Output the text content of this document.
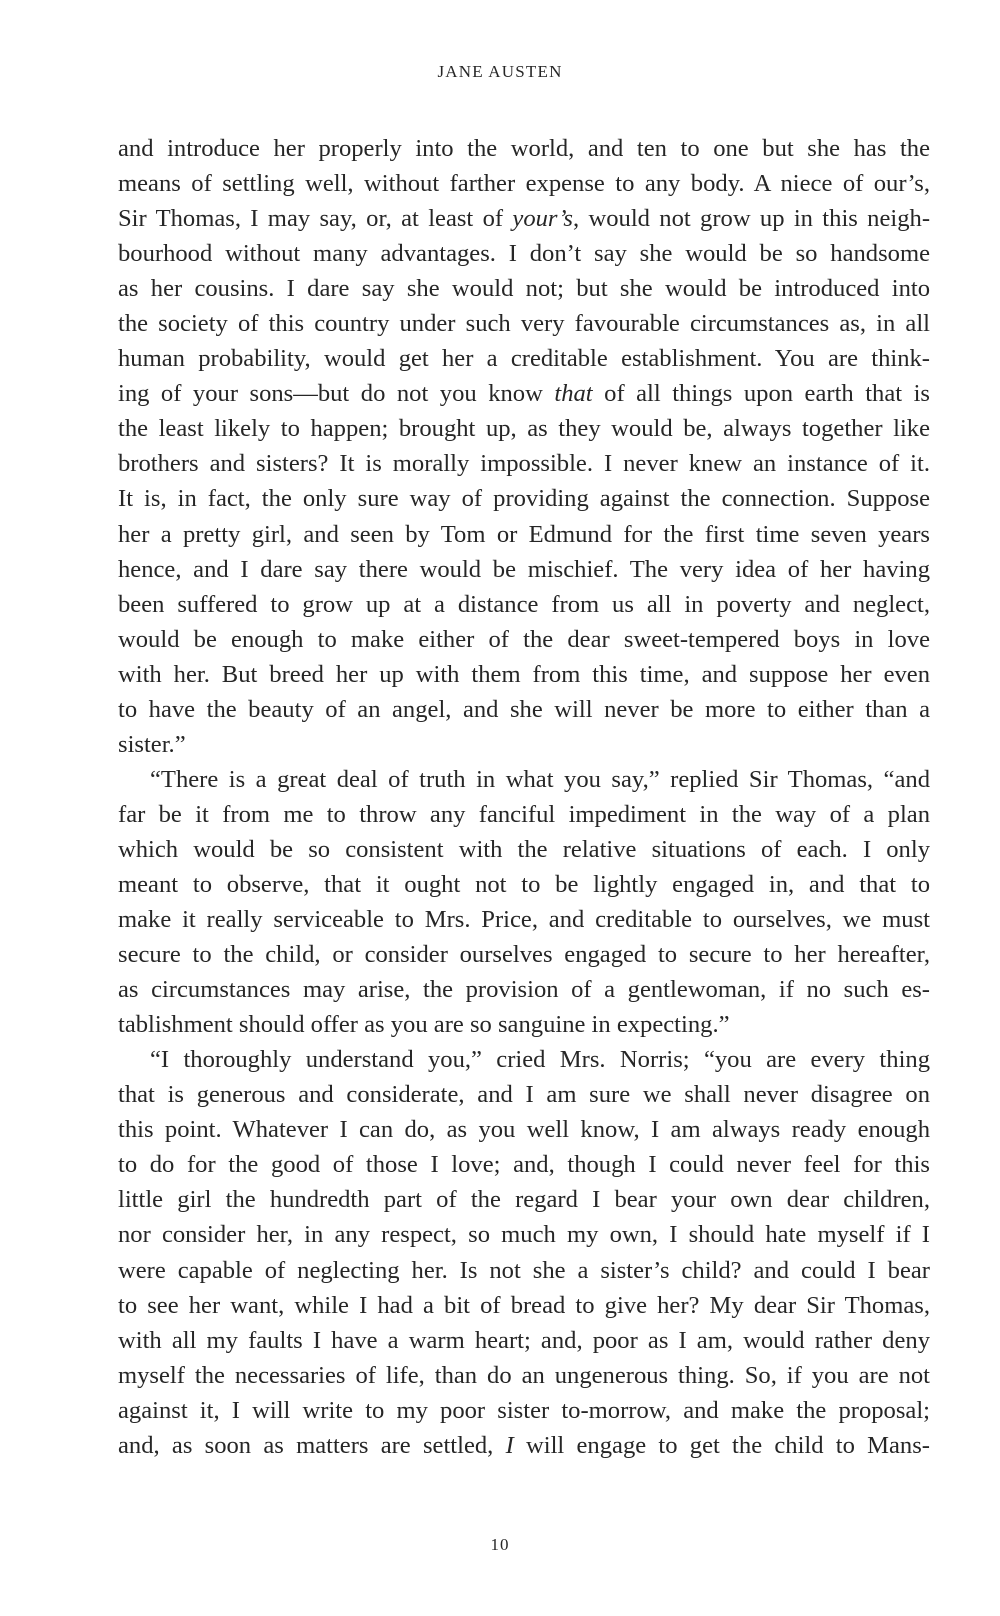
JANE AUSTEN
and introduce her properly into the world, and ten to one but she has the
means of settling well, without farther expense to any body. A niece of our’s,
Sir Thomas, I may say, or, at least of your’s, would not grow up in this neigh-
bourhood without many advantages. I don’t say she would be so handsome
as her cousins. I dare say she would not; but she would be introduced into
the society of this country under such very favourable circumstances as, in all
human probability, would get her a creditable establishment. You are think-
ing of your sons—but do not you know that of all things upon earth that is
the least likely to happen; brought up, as they would be, always together like
brothers and sisters? It is morally impossible. I never knew an instance of it.
It is, in fact, the only sure way of providing against the connection. Suppose
her a pretty girl, and seen by Tom or Edmund for the first time seven years
hence, and I dare say there would be mischief. The very idea of her having
been suffered to grow up at a distance from us all in poverty and neglect,
would be enough to make either of the dear sweet-tempered boys in love
with her. But breed her up with them from this time, and suppose her even
to have the beauty of an angel, and she will never be more to either than a
sister.”
“There is a great deal of truth in what you say,” replied Sir Thomas, “and
far be it from me to throw any fanciful impediment in the way of a plan
which would be so consistent with the relative situations of each. I only
meant to observe, that it ought not to be lightly engaged in, and that to
make it really serviceable to Mrs. Price, and creditable to ourselves, we must
secure to the child, or consider ourselves engaged to secure to her hereafter,
as circumstances may arise, the provision of a gentlewoman, if no such es-
tablishment should offer as you are so sanguine in expecting.”
“I thoroughly understand you,” cried Mrs. Norris; “you are every thing
that is generous and considerate, and I am sure we shall never disagree on
this point. Whatever I can do, as you well know, I am always ready enough
to do for the good of those I love; and, though I could never feel for this
little girl the hundredth part of the regard I bear your own dear children,
nor consider her, in any respect, so much my own, I should hate myself if I
were capable of neglecting her. Is not she a sister’s child? and could I bear
to see her want, while I had a bit of bread to give her? My dear Sir Thomas,
with all my faults I have a warm heart; and, poor as I am, would rather deny
myself the necessaries of life, than do an ungenerous thing. So, if you are not
against it, I will write to my poor sister to-morrow, and make the proposal;
and, as soon as matters are settled, I will engage to get the child to Mans-
10
